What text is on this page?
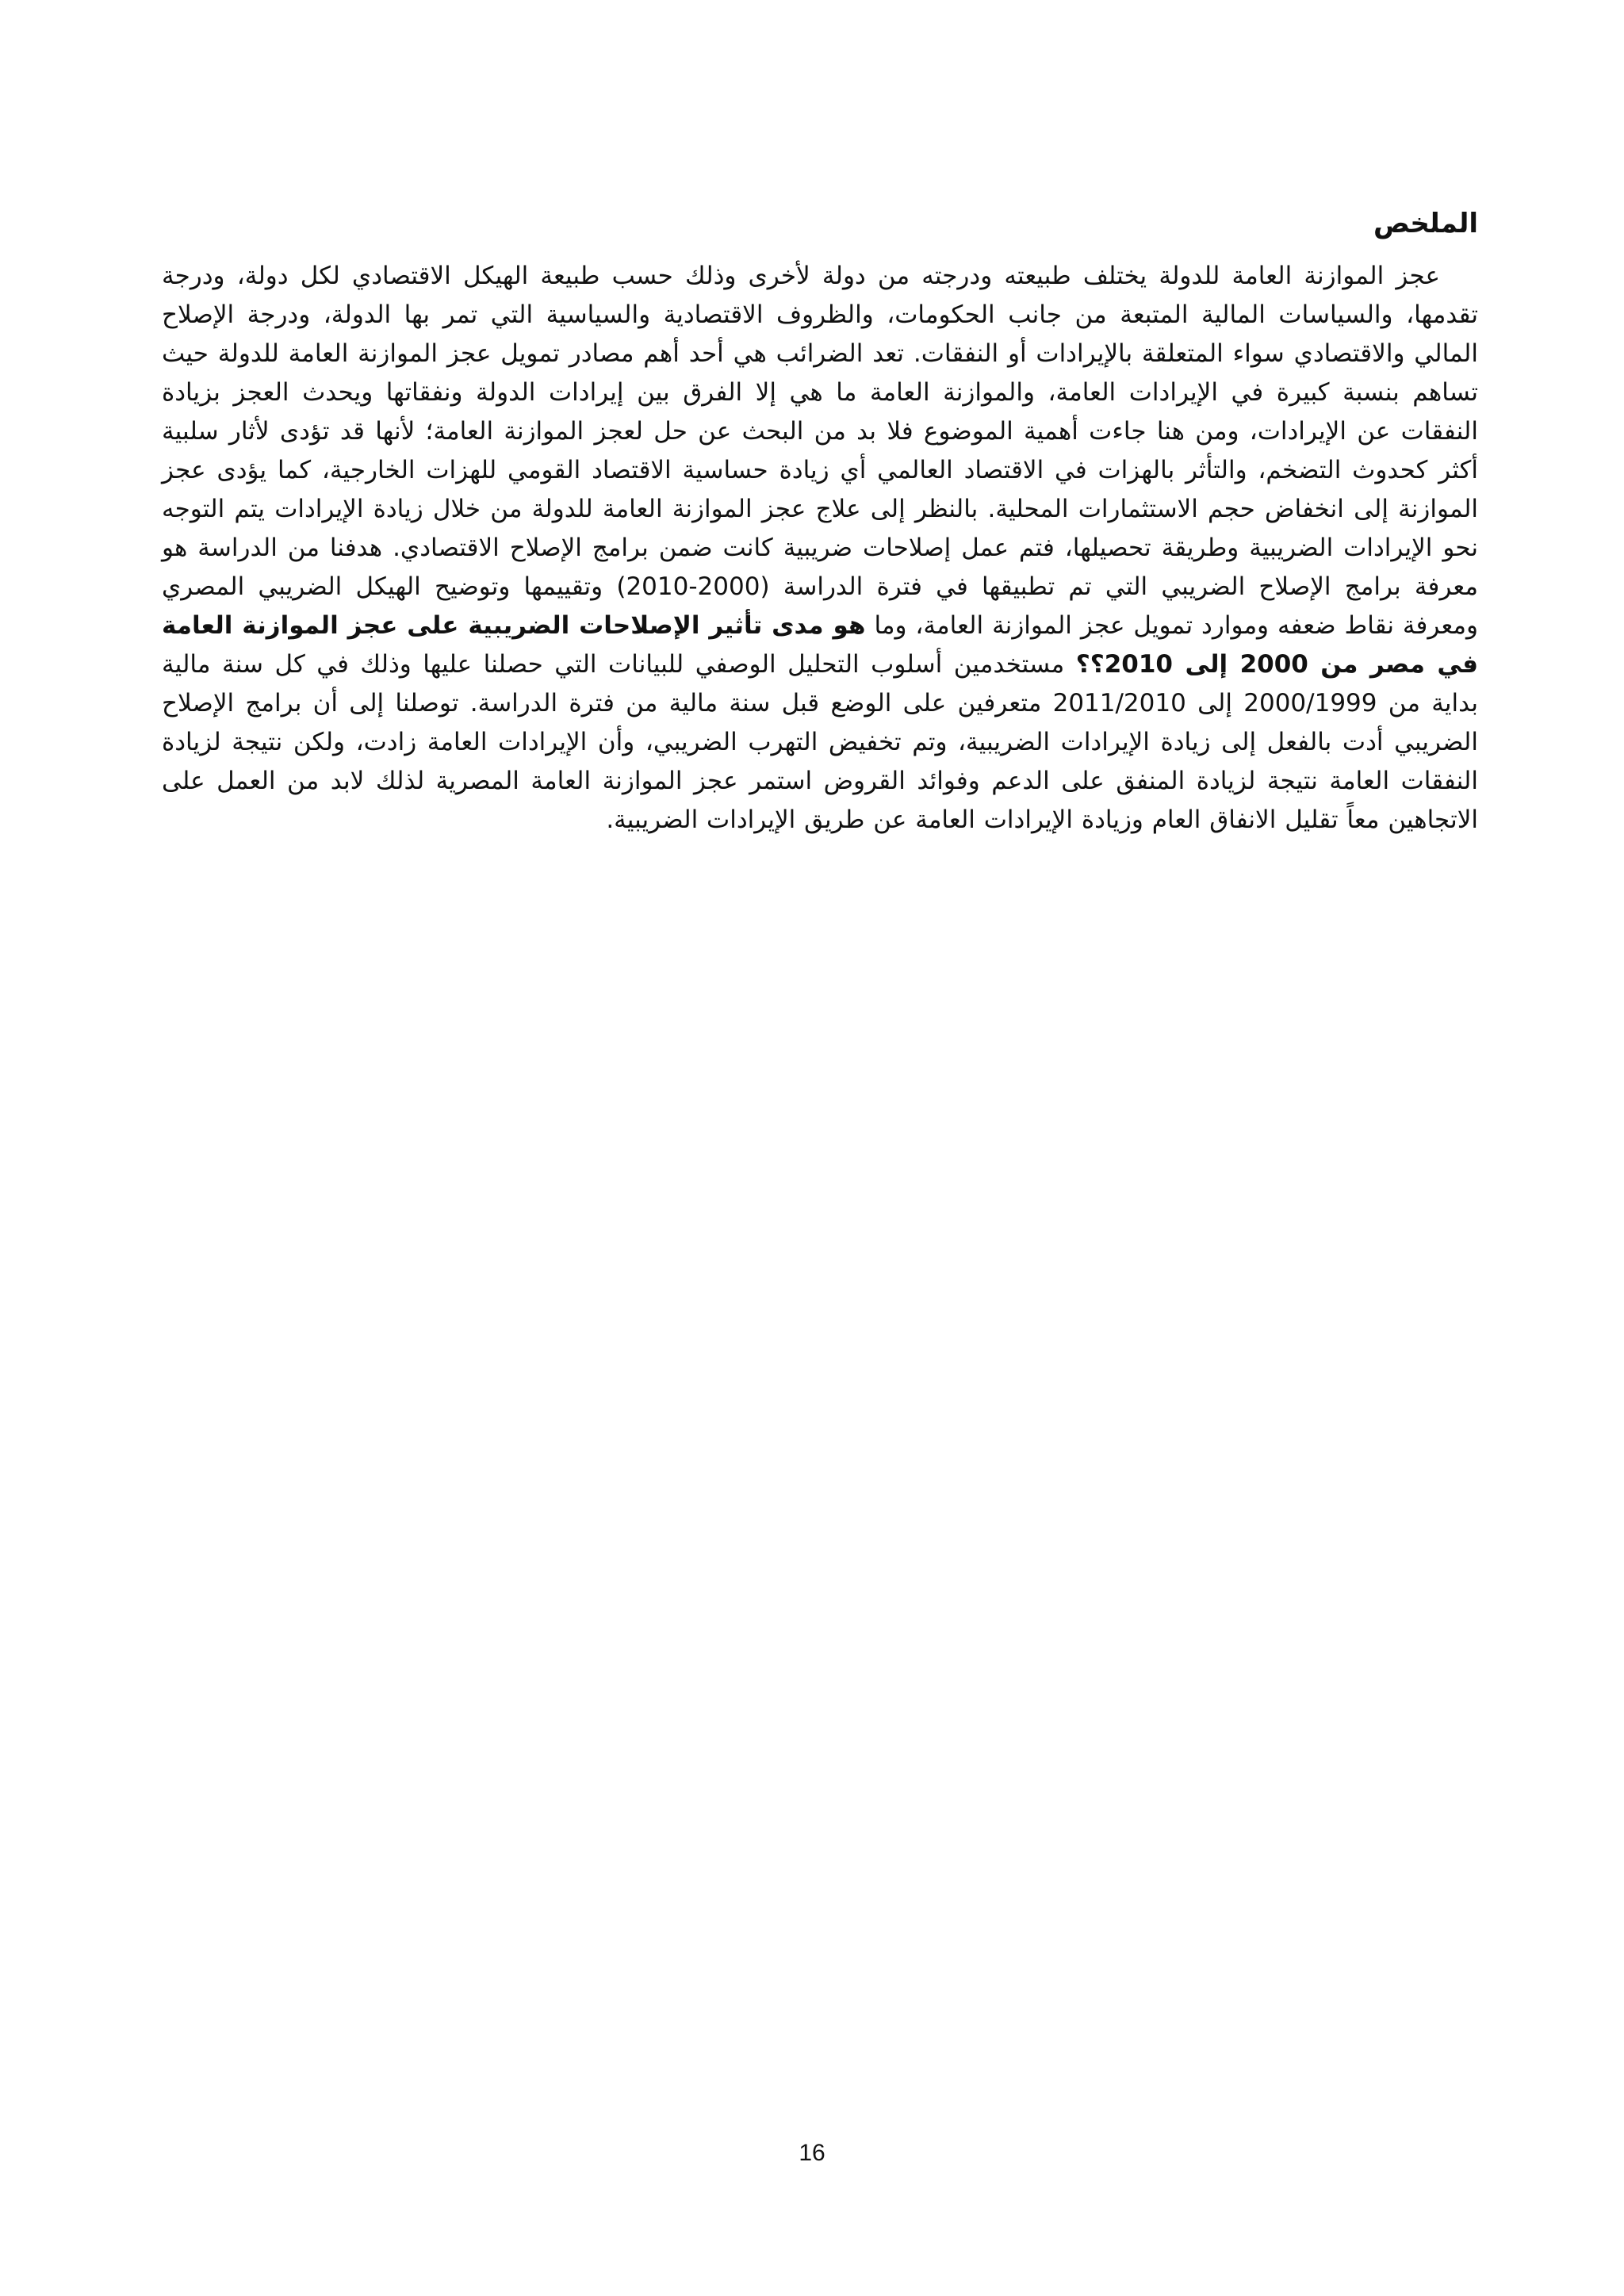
الملخص

عجز الموازنة العامة للدولة يختلف طبيعته ودرجته من دولة لأخرى وذلك حسب طبيعة الهيكل الاقتصادي لكل دولة، ودرجة تقدمها، والسياسات المالية المتبعة من جانب الحكومات، والظروف الاقتصادية والسياسية التي تمر بها الدولة، ودرجة الإصلاح المالي والاقتصادي سواء المتعلقة بالإيرادات أو النفقات. تعد الضرائب هي أحد أهم مصادر تمويل عجز الموازنة العامة للدولة حيث تساهم بنسبة كبيرة في الإيرادات العامة، والموازنة العامة ما هي إلا الفرق بين إيرادات الدولة ونفقاتها ويحدث العجز بزيادة النفقات عن الإيرادات، ومن هنا جاءت أهمية الموضوع فلا بد من البحث عن حل لعجز الموازنة العامة؛ لأنها قد تؤدى لأثار سلبية أكثر كحدوث التضخم، والتأثر بالهزات في الاقتصاد العالمي أي زيادة حساسية الاقتصاد القومي للهزات الخارجية، كما يؤدى عجز الموازنة إلى انخفاض حجم الاستثمارات المحلية. بالنظر إلى علاج عجز الموازنة العامة للدولة من خلال زيادة الإيرادات يتم التوجه نحو الإيرادات الضريبية وطريقة تحصيلها، فتم عمل إصلاحات ضريبية كانت ضمن برامج الإصلاح الاقتصادي. هدفنا من الدراسة هو معرفة برامج الإصلاح الضريبي التي تم تطبيقها في فترة الدراسة (2000-2010) وتقييمها وتوضيح الهيكل الضريبي المصري ومعرفة نقاط ضعفه وموارد تمويل عجز الموازنة العامة، وما هو مدى تأثير الإصلاحات الضريبية على عجز الموازنة العامة في مصر من 2000 إلى 2010؟؟ مستخدمين أسلوب التحليل الوصفي للبيانات التي حصلنا عليها وذلك في كل سنة مالية بداية من 2000/1999 إلى 2011/2010 متعرفين على الوضع قبل سنة مالية من فترة الدراسة. توصلنا إلى أن برامج الإصلاح الضريبي أدت بالفعل إلى زيادة الإيرادات الضريبية، وتم تخفيض التهرب الضريبي، وأن الإيرادات العامة زادت، ولكن نتيجة لزيادة النفقات العامة نتيجة لزيادة المنفق على الدعم وفوائد القروض استمر عجز الموازنة العامة المصرية لذلك لابد من العمل على الاتجاهين معاً تقليل الانفاق العام وزيادة الإيرادات العامة عن طريق الإيرادات الضريبية.

16
